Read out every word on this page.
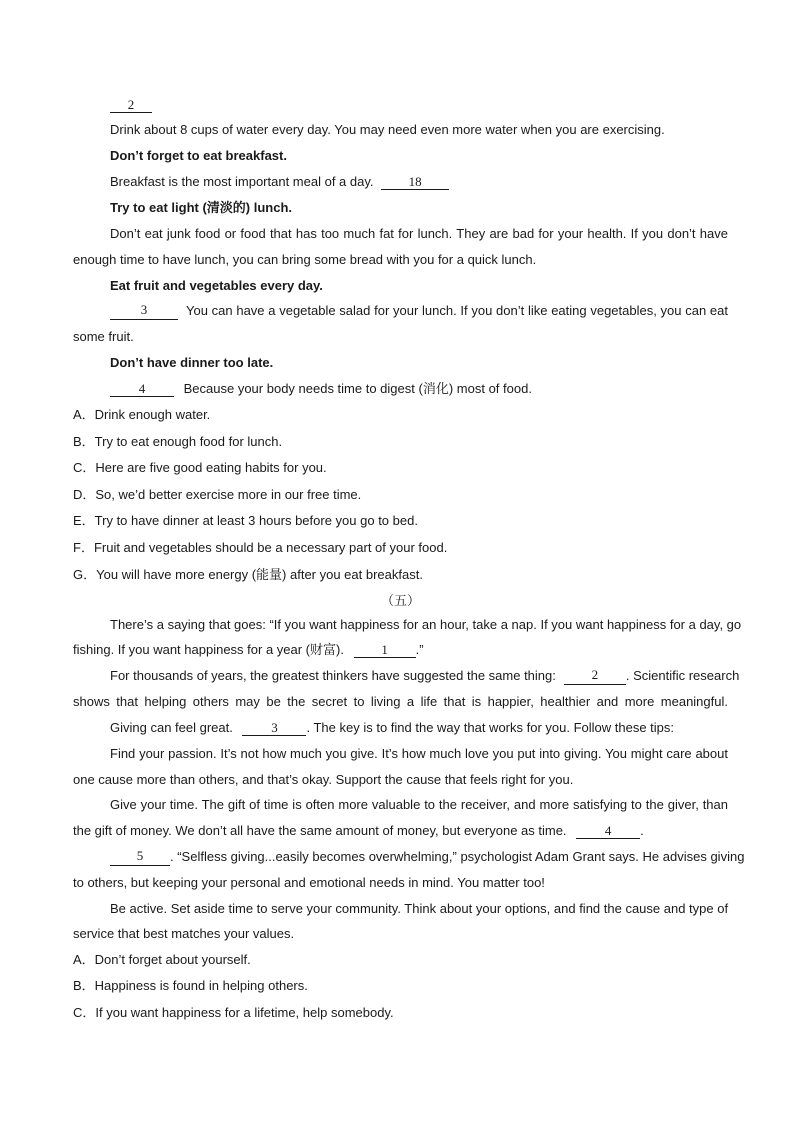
2
Drink about 8 cups of water every day. You may need even more water when you are exercising.
Don’t forget to eat breakfast.
Breakfast is the most important meal of a day.	18
Try to eat light (清淡的) lunch.
Don’t eat junk food or food that has too much fat for lunch. They are bad for your health. If you don’t have
enough time to have lunch, you can bring some bread with you for a quick lunch.
Eat fruit and vegetables every day.
3	You can have a vegetable salad for your lunch. If you don’t like eating vegetables, you can eat
some fruit.
Don’t have dinner too late.
4	Because your body needs time to digest (消化) most of food.
A．Drink enough water.
B．Try to eat enough food for lunch.
C．Here are five good eating habits for you.
D．So, we’d better exercise more in our free time.
E．Try to have dinner at least 3 hours before you go to bed.
F．Fruit and vegetables should be a necessary part of your food.
G．You will have more energy (能量) after you eat breakfast.
（五）
There’s a saying that goes: “If you want happiness for an hour, take a nap. If you want happiness for a day, go
fishing. If you want happiness for a year (财富).	1 .”
For thousands of years, the greatest thinkers have suggested the same thing:	2	. Scientific research
shows that helping others may be the secret to living a life that is happier, healthier and more meaningful.
Giving can feel great.	3 . The key is to find the way that works for you. Follow these tips:
Find your passion. It’s not how much you give. It’s how much love you put into giving. You might care about
one cause more than others, and that’s okay. Support the cause that feels right for you.
Give your time. The gift of time is often more valuable to the receiver, and more satisfying to the giver, than
the gift of money. We don’t all have the same amount of money, but everyone as time.	4 .
5	. “Selfless giving...easily becomes overwhelming,” psychologist Adam Grant says. He advises giving
to others, but keeping your personal and emotional needs in mind. You matter too!
Be active. Set aside time to serve your community. Think about your options, and find the cause and type of
service that best matches your values.
A．Don’t forget about yourself.
B．Happiness is found in helping others.
C．If you want happiness for a lifetime, help somebody.
